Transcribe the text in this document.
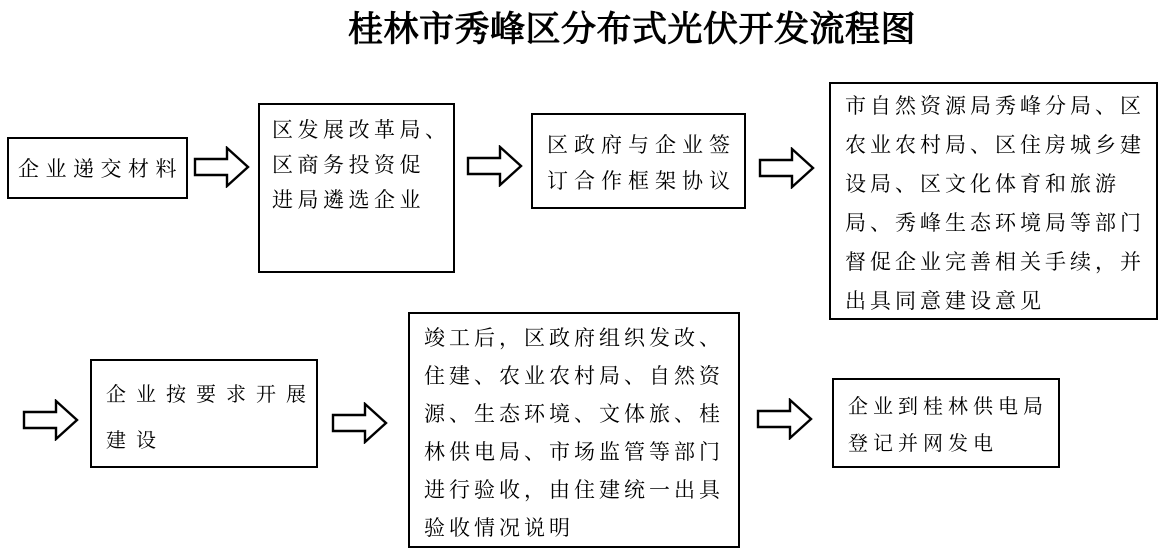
桂林市秀峰区分布式光伏开发流程图
企业递交材料
区发展改革局、
区商务投资促
进局遴选企业
区政府与企业签
订合作框架协议
市自然资源局秀峰分局、区
农业农村局、区住房城乡建
设局、区文化体育和旅游
局、秀峰生态环境局等部门
督促企业完善相关手续，并
出具同意建设意见
企业按要求开展
建设
竣工后，区政府组织发改、
住建、农业农村局、自然资
源、生态环境、文体旅、桂
林供电局、市场监管等部门
进行验收，由住建统一出具
验收情况说明
企业到桂林供电局
登记并网发电
